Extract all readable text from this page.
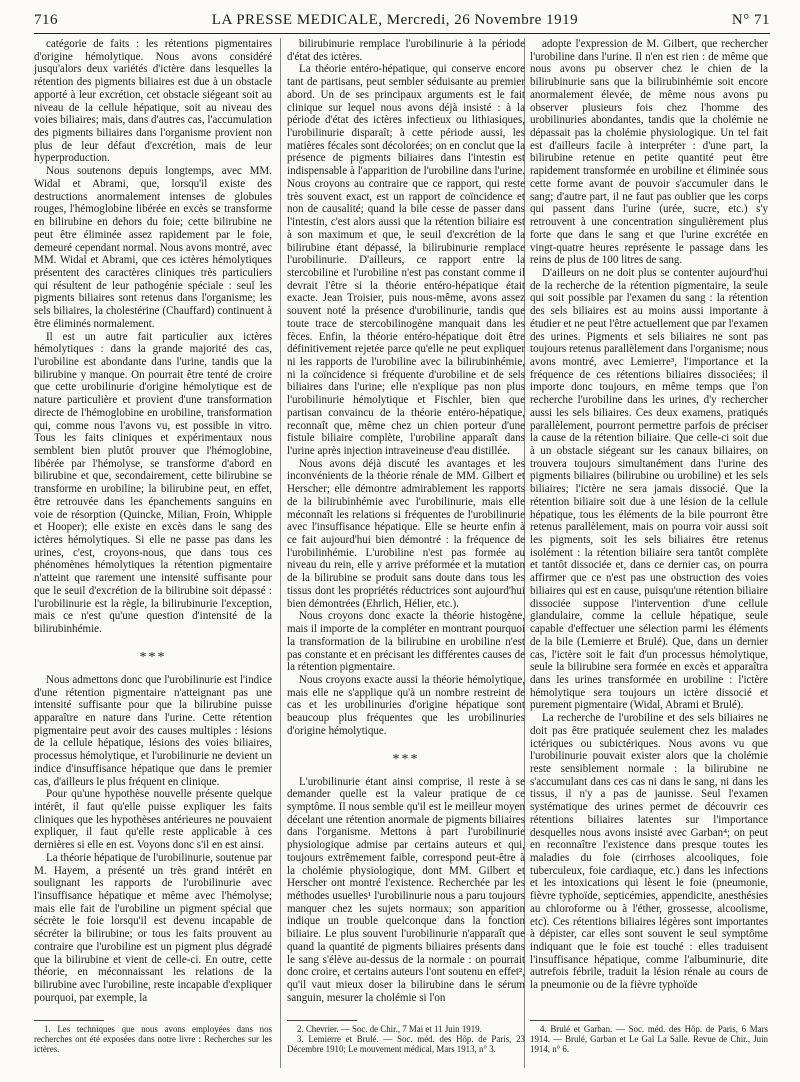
716	LA PRESSE MEDICALE, Mercredi, 26 Novembre 1919	N° 71

catégorie de faits : les rétentions pigmentaires d'origine hémolytique. Nous avons considéré jusqu'alors deux variétés d'ictère dans lesquelles la rétention des pigments biliaires est due à un obstacle apporté à leur excrétion, cet obstacle siégeant soit au niveau de la cellule hépatique, soit au niveau des voies biliaires; mais, dans d'autres cas, l'accumulation des pigments biliaires dans l'organisme provient non plus de leur défaut d'excrétion, mais de leur hyperproduction.

Nous soutenons depuis longtemps, avec MM. Widal et Abrami, que, lorsqu'il existe des destructions anormalement intenses de globules rouges, l'hémoglobine libérée en excès se transforme en bilirubine en dehors du foie; cette bilirubine ne peut être éliminée assez rapidement par le foie, demeuré cependant normal. Nous avons montré, avec MM. Widal et Abrami, que ces ictères hémolytiques présentent des caractères cliniques très particuliers qui résultent de leur pathogénie spéciale : seul les pigments biliaires sont retenus dans l'organisme; les sels biliaires, la cholestérine (Chauffard) continuent à être éliminés normalement.

Il est un autre fait particulier aux ictères hémolytiques : dans la grande majorité des cas, l'urobiline est abondante dans l'urine, tandis que la bilirubine y manque. On pourrait être tenté de croire que cette urobilinurie d'origine hémolytique est de nature particulière et provient d'une transformation directe de l'hémoglobine en urobiline, transformation qui, comme nous l'avons vu, est possible in vitro. Tous les faits cliniques et expérimentaux nous semblent bien plutôt prouver que l'hémoglobine, libérée par l'hémolyse, se transforme d'abord en bilirubine et que, secondairement, cette bilirubine se transforme en urobiline; la bilirubine peut, en effet, être retrouvée dans les épanchements sanguins en voie de résorption (Quincke, Milian, Froin, Whipple et Hooper); elle existe en excès dans le sang des ictères hémolytiques. Si elle ne passe pas dans les urines, c'est, croyons-nous, que dans tous ces phénomènes hémolytiques la rétention pigmentaire n'atteint que rarement une intensité suffisante pour que le seuil d'excrétion de la bilirubine soit dépassé : l'urobilinurie est la règle, la bilirubinurie l'exception, mais ce n'est qu'une question d'intensité de la bilirubinhémie.

***

Nous admettons donc que l'urobilinurie est l'indice d'une rétention pigmentaire n'atteignant pas une intensité suffisante pour que la bilirubine puisse apparaître en nature dans l'urine. Cette rétention pigmentaire peut avoir des causes multiples : lésions de la cellule hépatique, lésions des voies biliaires, processus hémolytique, et l'urobilinurie ne devient un indice d'insuffisance hépatique que dans le premier cas, d'ailleurs le plus fréquent en clinique.

Pour qu'une hypothèse nouvelle présente quelque intérêt, il faut qu'elle puisse expliquer les faits cliniques que les hypothèses antérieures ne pouvaient expliquer, il faut qu'elle reste applicable à ces dernières si elle en est. Voyons donc s'il en est ainsi.

La théorie hépatique de l'urobilinurie, soutenue par M. Hayem, a présenté un très grand intérêt en soulignant les rapports de l'urobilinurie avec l'insuffisance hépatique et même avec l'hémolyse; mais elle fait de l'urobiline un pigment spécial que sécrète le foie lorsqu'il est devenu incapable de sécréter la bilirubine; or tous les faits prouvent au contraire que l'urobiline est un pigment plus dégradé que la bilirubine et vient de celle-ci. En outre, cette théorie, en méconnaissant les relations de la bilirubine avec l'urobiline, reste incapable d'expliquer pourquoi, par exemple, la

bilirubinurie remplace l'urobilinurie à la période d'état des ictères.

La théorie entéro-hépatique, qui conserve encore tant de partisans, peut sembler séduisante au premier abord. Un de ses principaux arguments est le fait clinique sur lequel nous avons déjà insisté : à la période d'état des ictères infectieux ou lithiasiques, l'urobilinurie disparaît; à cette période aussi, les matières fécales sont décolorées; on en conclut que la présence de pigments biliaires dans l'intestin est indispensable à l'apparition de l'urobiline dans l'urine. Nous croyons au contraire que ce rapport, qui reste très souvent exact, est un rapport de coïncidence et non de causalité; quand la bile cesse de passer dans l'intestin, c'est alors aussi que la rétention biliaire est à son maximum et que, le seuil d'excrétion de la bilirubine étant dépassé, la bilirubinurie remplace l'urobilinurie. D'ailleurs, ce rapport entre la stercobiline et l'urobiline n'est pas constant comme il devrait l'être si la théorie entéro-hépatique était exacte. Jean Troisier, puis nous-même, avons assez souvent noté la présence d'urobilinurie, tandis que toute trace de stercobilinogène manquait dans les fèces. Enfin, la théorie entéro-hépatique doit être définitivement rejetée parce qu'elle ne peut expliquer ni les rapports de l'urobiline avec la bilirubinhémie, ni la coïncidence si fréquente d'urobiline et de sels biliaires dans l'urine; elle n'explique pas non plus l'urobilinurie hémolytique et Fischler, bien que partisan convaincu de la théorie entéro-hépatique, reconnaît que, même chez un chien porteur d'une fistule biliaire complète, l'urobiline apparaît dans l'urine après injection intraveineuse d'eau distillée.

Nous avons déjà discuté les avantages et les inconvénients de la théorie rénale de MM. Gilbert et Herscher; elle démontre admirablement les rapports de la bilirubinhémie avec l'urobilinurie, mais elle méconnaît les relations si fréquentes de l'urobilinurie avec l'insuffisance hépatique. Elle se heurte enfin à ce fait aujourd'hui bien démontré : la fréquence de l'urobilinhémie. L'urobiline n'est pas formée au niveau du rein, elle y arrive préformée et la mutation de la bilirubine se produit sans doute dans tous les tissus dont les propriétés réductrices sont aujourd'hui bien démontrées (Ehrlich, Hélier, etc.).

Nous croyons donc exacte la théorie histogène, mais il importe de la compléter en montrant pourquoi la transformation de la bilirubine en urobiline n'est pas constante et en précisant les différentes causes de la rétention pigmentaire.

Nous croyons exacte aussi la théorie hémolytique, mais elle ne s'applique qu'à un nombre restreint de cas et les urobilinuries d'origine hépatique sont beaucoup plus fréquentes que les urobilinuries d'origine hémolytique.

***

L'urobilinurie étant ainsi comprise, il reste à se demander quelle est la valeur pratique de ce symptôme. Il nous semble qu'il est le meilleur moyen décelant une rétention anormale de pigments biliaires dans l'organisme. Mettons à part l'urobilinurie physiologique admise par certains auteurs et qui, toujours extrêmement faible, correspond peut-être à la cholémie physiologique, dont MM. Gilbert et Herscher ont montré l'existence. Recherchée par les méthodes usuelles¹ l'urobilinurie nous a paru toujours manquer chez les sujets normaux; son apparition indique un trouble quelconque dans la fonction biliaire. Le plus souvent l'urobilinurie n'apparaît que quand la quantité de pigments biliaires présents dans le sang s'élève au-dessus de la normale : on pourrait donc croire, et certains auteurs l'ont soutenu en effet², qu'il vaut mieux doser la bilirubine dans le sérum sanguin, mesurer la cholémie si l'on

adopte l'expression de M. Gilbert, que rechercher l'urobiline dans l'urine. Il n'en est rien : de même que nous avons pu observer chez le chien de la bilirubinurie sans que la bilirubinhémie soit encore anormalement élevée, de même nous avons pu observer plusieurs fois chez l'homme des urobilinuries abondantes, tandis que la cholémie ne dépassait pas la cholémie physiologique. Un tel fait est d'ailleurs facile à interpréter : d'une part, la bilirubine retenue en petite quantité peut être rapidement transformée en urobiline et éliminée sous cette forme avant de pouvoir s'accumuler dans le sang; d'autre part, il ne faut pas oublier que les corps qui passent dans l'urine (urée, sucre, etc.) s'y retrouvent à une concentration singulièrement plus forte que dans le sang et que l'urine excrétée en vingt-quatre heures représente le passage dans les reins de plus de 100 litres de sang.

D'ailleurs on ne doit plus se contenter aujourd'hui de la recherche de la rétention pigmentaire, la seule qui soit possible par l'examen du sang : la rétention des sels biliaires est au moins aussi importante à étudier et ne peut l'être actuellement que par l'examen des urines. Pigments et sels biliaires ne sont pas toujours retenus parallèlement dans l'organisme; nous avons montré, avec Lemierre³, l'importance et la fréquence de ces rétentions biliaires dissociées; il importe donc toujours, en même temps que l'on recherche l'urobiline dans les urines, d'y rechercher aussi les sels biliaires. Ces deux examens, pratiqués parallèlement, pourront permettre parfois de préciser la cause de la rétention biliaire. Que celle-ci soit due à un obstacle siégeant sur les canaux biliaires, on trouvera toujours simultanément dans l'urine des pigments biliaires (bilirubine ou urobiline) et les sels biliaires; l'ictère ne sera jamais dissocié. Que la rétention biliaire soit due à une lésion de la cellule hépatique, tous les éléments de la bile pourront être retenus parallèlement, mais on pourra voir aussi soit les pigments, soit les sels biliaires être retenus isolément : la rétention biliaire sera tantôt complète et tantôt dissociée et, dans ce dernier cas, on pourra affirmer que ce n'est pas une obstruction des voies biliaires qui est en cause, puisqu'une rétention biliaire dissociée suppose l'intervention d'une cellule glandulaire, comme la cellule hépatique, seule capable d'effectuer une sélection parmi les éléments de la bile (Lemierre et Brulé). Que, dans un dernier cas, l'ictère soit le fait d'un processus hémolytique, seule la bilirubine sera formée en excès et apparaîtra dans les urines transformée en urobiline : l'ictère hémolytique sera toujours un ictère dissocié et purement pigmentaire (Widal, Abrami et Brulé).

La recherche de l'urobiline et des sels biliaires ne doit pas être pratiquée seulement chez les malades ictériques ou subictériques. Nous avons vu que l'urobilinurie pouvait exister alors que la cholémie reste sensiblement normale : la bilirubine ne s'accumulant dans ces cas ni dans le sang, ni dans les tissus, il n'y a pas de jaunisse. Seul l'examen systématique des urines permet de découvrir ces rétentions biliaires latentes sur l'importance desquelles nous avons insisté avec Garban⁴; on peut en reconnaître l'existence dans presque toutes les maladies du foie (cirrhoses alcooliques, foie tuberculeux, foie cardiaque, etc.) dans les infections et les intoxications qui lèsent le foie (pneumonie, fièvre typhoïde, septicémies, appendicite, anesthésies au chloroforme ou à l'éther, grossesse, alcoolisme, etc). Ces rétentions biliaires légères sont importantes à dépister, car elles sont souvent le seul symptôme indiquant que le foie est touché : elles traduisent l'insuffisance hépatique, comme l'albuminurie, dite autrefois fébrile, traduit la lésion rénale au cours de la pneumonie ou de la fièvre typhoïde

1. Les techniques que nous avons employées dans nos recherches ont été exposées dans notre livre : Recherches sur les ictères.

2. Chevrier. — Soc. de Chir., 7 Mai et 11 Juin 1919.

3. Lemierre et Brulé. — Soc. méd. des Hôp. de Paris, 23 Décembre 1910; Le mouvement médical, Mars 1913, n° 3.

4. Brulé et Garban. — Soc. méd. des Hôp. de Paris, 6 Mars 1914. — Brulé, Garban et Le Gal La Salle. Revue de Chir., Juin 1914, n° 6.
